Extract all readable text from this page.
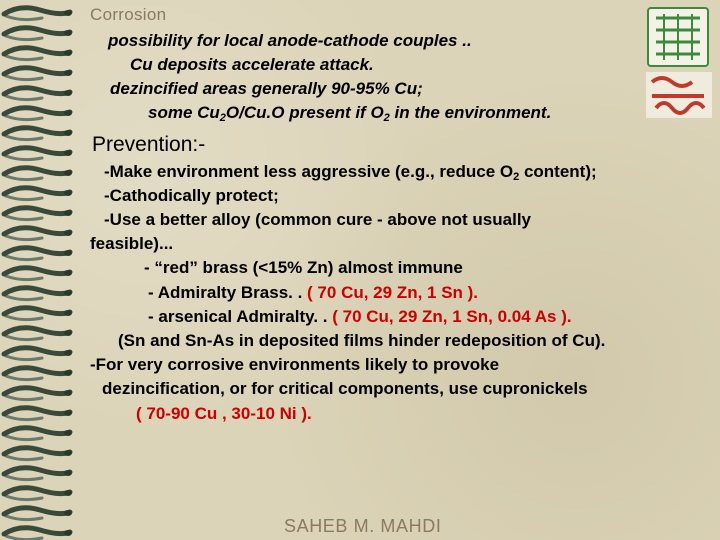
Corrosion
possibility for local anode-cathode couples ..
Cu deposits accelerate attack.
dezincified areas generally 90-95% Cu;
some $Cu_2O/Cu.O$ present if $O_2$ in the environment.
Prevention:-
-Make environment less aggressive (e.g., reduce $O_2$ content);
-Cathodically protect;
-Use a better alloy (common cure - above not usually
feasible)...
- “red” brass (<15% Zn) almost immune
- Admiralty Brass. . ( 70 Cu, 29 Zn, 1 Sn ).
- arsenical Admiralty. . ( 70 Cu, 29 Zn, 1 Sn, 0.04 As ).
(Sn and Sn-As in deposited films hinder redeposition of Cu).
-For very corrosive environments likely to provoke
dezincification, or for critical components, use cupronickels
( 70-90 Cu , 30-10 Ni ).
SAHEB M. MAHDI
